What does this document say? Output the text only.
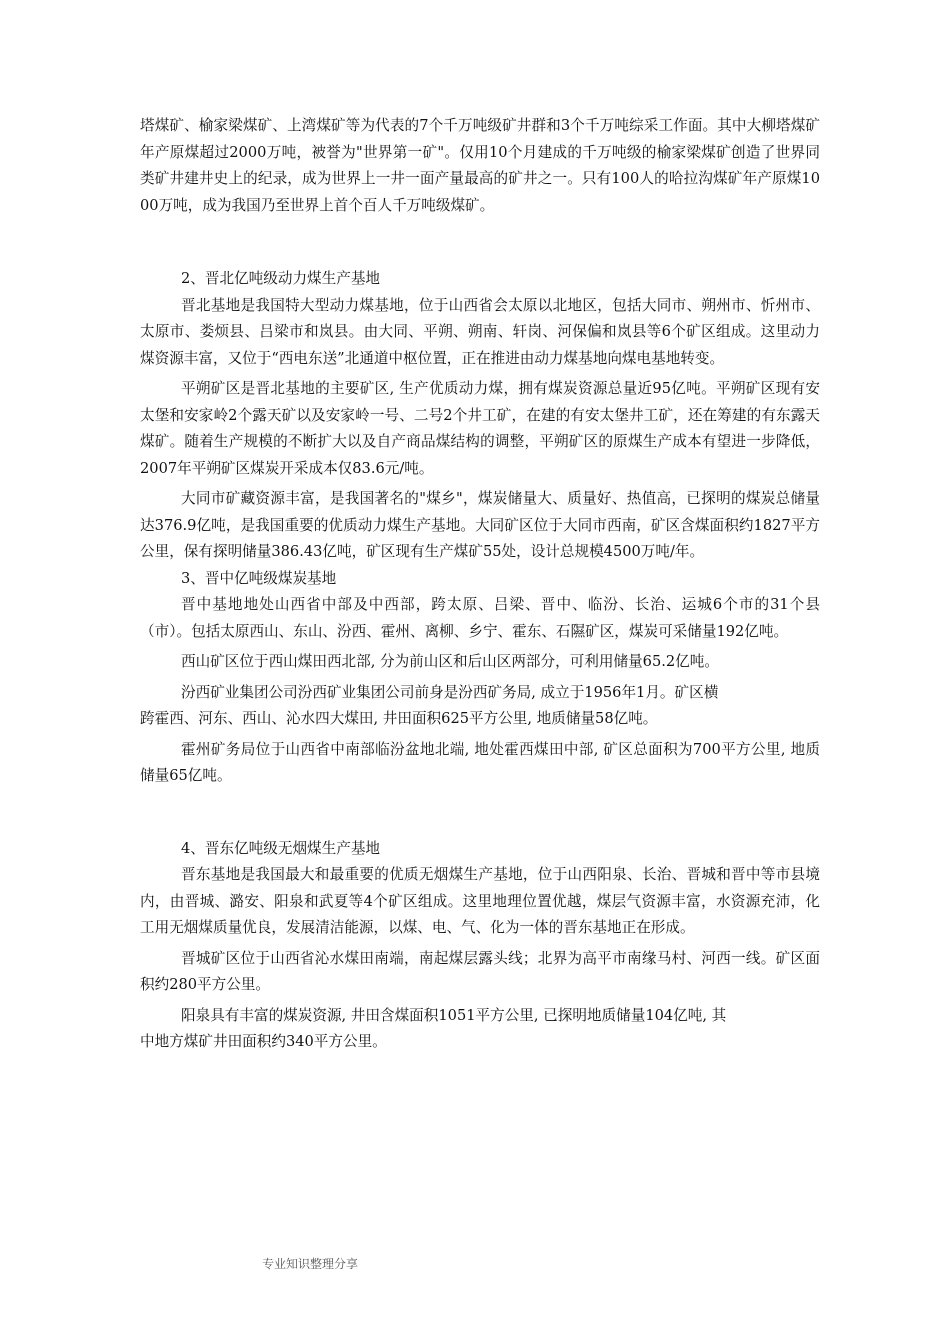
塔煤矿、榆家梁煤矿、上湾煤矿等为代表的7个千万吨级矿井群和3个千万吨综采工作面。其中大柳塔煤矿年产原煤超过2000万吨，被誉为"世界第一矿"。仅用10个月建成的千万吨级的榆家梁煤矿创造了世界同类矿井建井史上的纪录，成为世界上一井一面产量最高的矿井之一。只有100人的哈拉沟煤矿年产原煤1000万吨，成为我国乃至世界上首个百人千万吨级煤矿。

2、晋北亿吨级动力煤生产基地

晋北基地是我国特大型动力煤基地，位于山西省会太原以北地区，包括大同市、朔州市、忻州市、太原市、娄烦县、吕梁市和岚县。由大同、平朔、朔南、轩岗、河保偏和岚县等6个矿区组成。这里动力煤资源丰富，又位于“西电东送”北通道中枢位置，正在推进由动力煤基地向煤电基地转变。

平朔矿区是晋北基地的主要矿区, 生产优质动力煤，拥有煤炭资源总量近95亿吨。平朔矿区现有安太堡和安家岭2个露天矿以及安家岭一号、二号2个井工矿，在建的有安太堡井工矿，还在筹建的有东露天煤矿。随着生产规模的不断扩大以及自产商品煤结构的调整，平朔矿区的原煤生产成本有望进一步降低，2007年平朔矿区煤炭开采成本仅83.6元/吨。

大同市矿藏资源丰富，是我国著名的"煤乡"，煤炭储量大、质量好、热值高，已探明的煤炭总储量达376.9亿吨，是我国重要的优质动力煤生产基地。大同矿区位于大同市西南，矿区含煤面积约1827平方公里，保有探明储量386.43亿吨，矿区现有生产煤矿55处，设计总规模4500万吨/年。

3、晋中亿吨级煤炭基地

晋中基地地处山西省中部及中西部，跨太原、吕梁、晋中、临汾、长治、运城6个市的31个县（市）。包括太原西山、东山、汾西、霍州、离柳、乡宁、霍东、石隰矿区，煤炭可采储量192亿吨。

西山矿区位于西山煤田西北部, 分为前山区和后山区两部分，可利用储量65.2亿吨。

汾西矿业集团公司汾西矿业集团公司前身是汾西矿务局, 成立于1956年1月。矿区横

跨霍西、河东、西山、沁水四大煤田, 井田面积625平方公里, 地质储量58亿吨。

霍州矿务局位于山西省中南部临汾盆地北端, 地处霍西煤田中部, 矿区总面积为700平方公里, 地质储量65亿吨。

4、晋东亿吨级无烟煤生产基地

晋东基地是我国最大和最重要的优质无烟煤生产基地，位于山西阳泉、长治、晋城和晋中等市县境内，由晋城、潞安、阳泉和武夏等4个矿区组成。这里地理位置优越，煤层气资源丰富，水资源充沛，化工用无烟煤质量优良，发展清洁能源，以煤、电、气、化为一体的晋东基地正在形成。

晋城矿区位于山西省沁水煤田南端，南起煤层露头线；北界为高平市南缘马村、河西一线。矿区面积约280平方公里。

阳泉具有丰富的煤炭资源, 井田含煤面积1051平方公里, 已探明地质储量104亿吨, 其

中地方煤矿井田面积约340平方公里。

专业知识整理分享
